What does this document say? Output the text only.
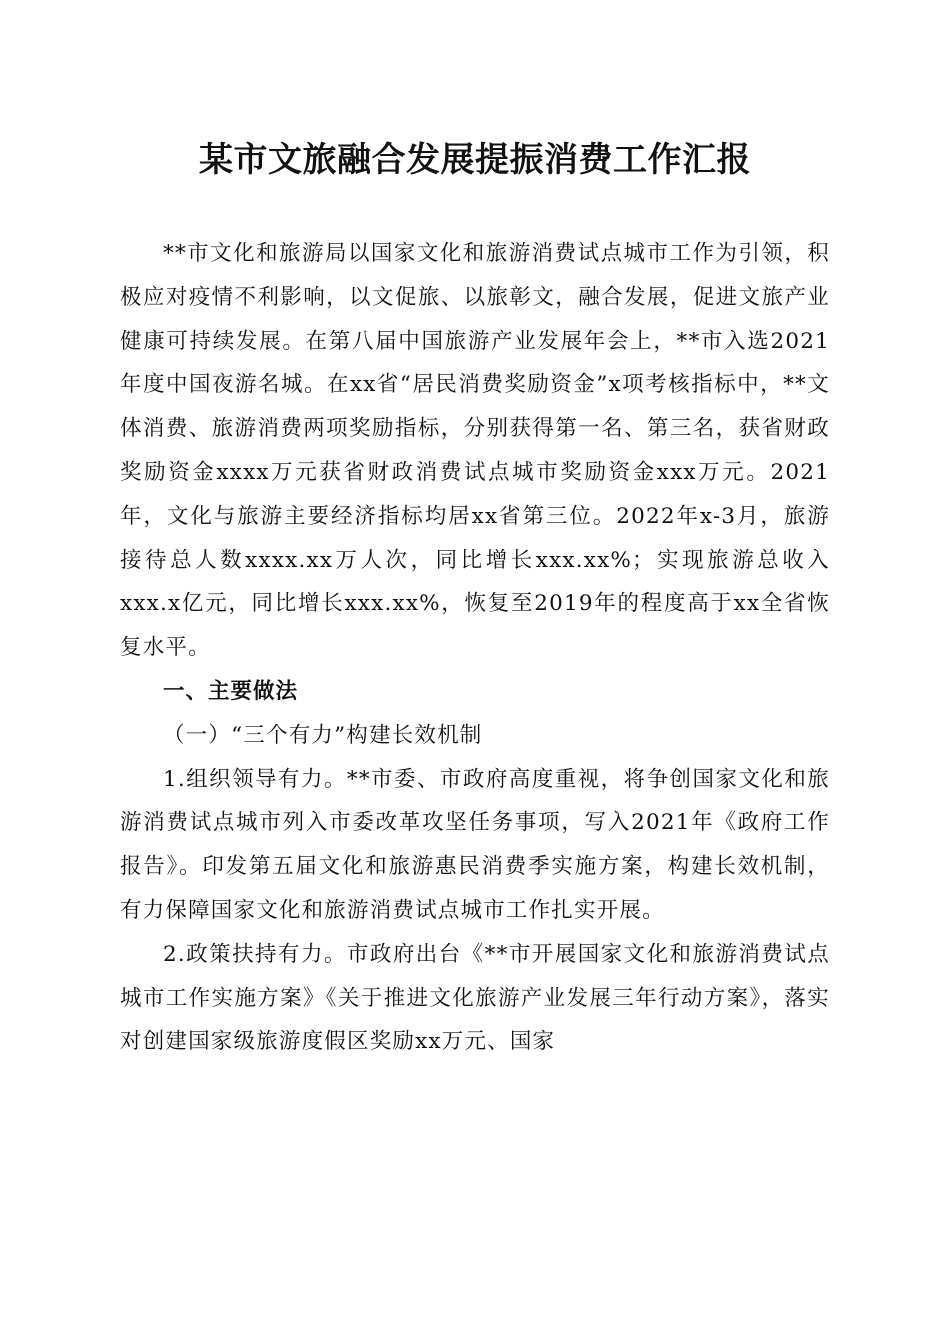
某市文旅融合发展提振消费工作汇报

**市文化和旅游局以国家文化和旅游消费试点城市工作为引领，积极应对疫情不利影响，以文促旅、以旅彰文，融合发展，促进文旅产业健康可持续发展。在第八届中国旅游产业发展年会上，**市入选2021年度中国夜游名城。在xx省“居民消费奖励资金”x项考核指标中，**文体消费、旅游消费两项奖励指标，分别获得第一名、第三名，获省财政奖励资金xxxx万元获省财政消费试点城市奖励资金xxx万元。2021年，文化与旅游主要经济指标均居xx省第三位。2022年x-3月，旅游接待总人数xxxx.xx万人次，同比增长xxx.xx%；实现旅游总收入xxx.x亿元，同比增长xxx.xx%，恢复至2019年的程度高于xx全省恢复水平。

一、主要做法

（一）“三个有力”构建长效机制

1.组织领导有力。**市委、市政府高度重视，将争创国家文化和旅游消费试点城市列入市委改革攻坚任务事项，写入2021年《政府工作报告》。印发第五届文化和旅游惠民消费季实施方案，构建长效机制，有力保障国家文化和旅游消费试点城市工作扎实开展。

2.政策扶持有力。市政府出台《**市开展国家文化和旅游消费试点城市工作实施方案》《关于推进文化旅游产业发展三年行动方案》，落实对创建国家级旅游度假区奖励xx万元、国家
